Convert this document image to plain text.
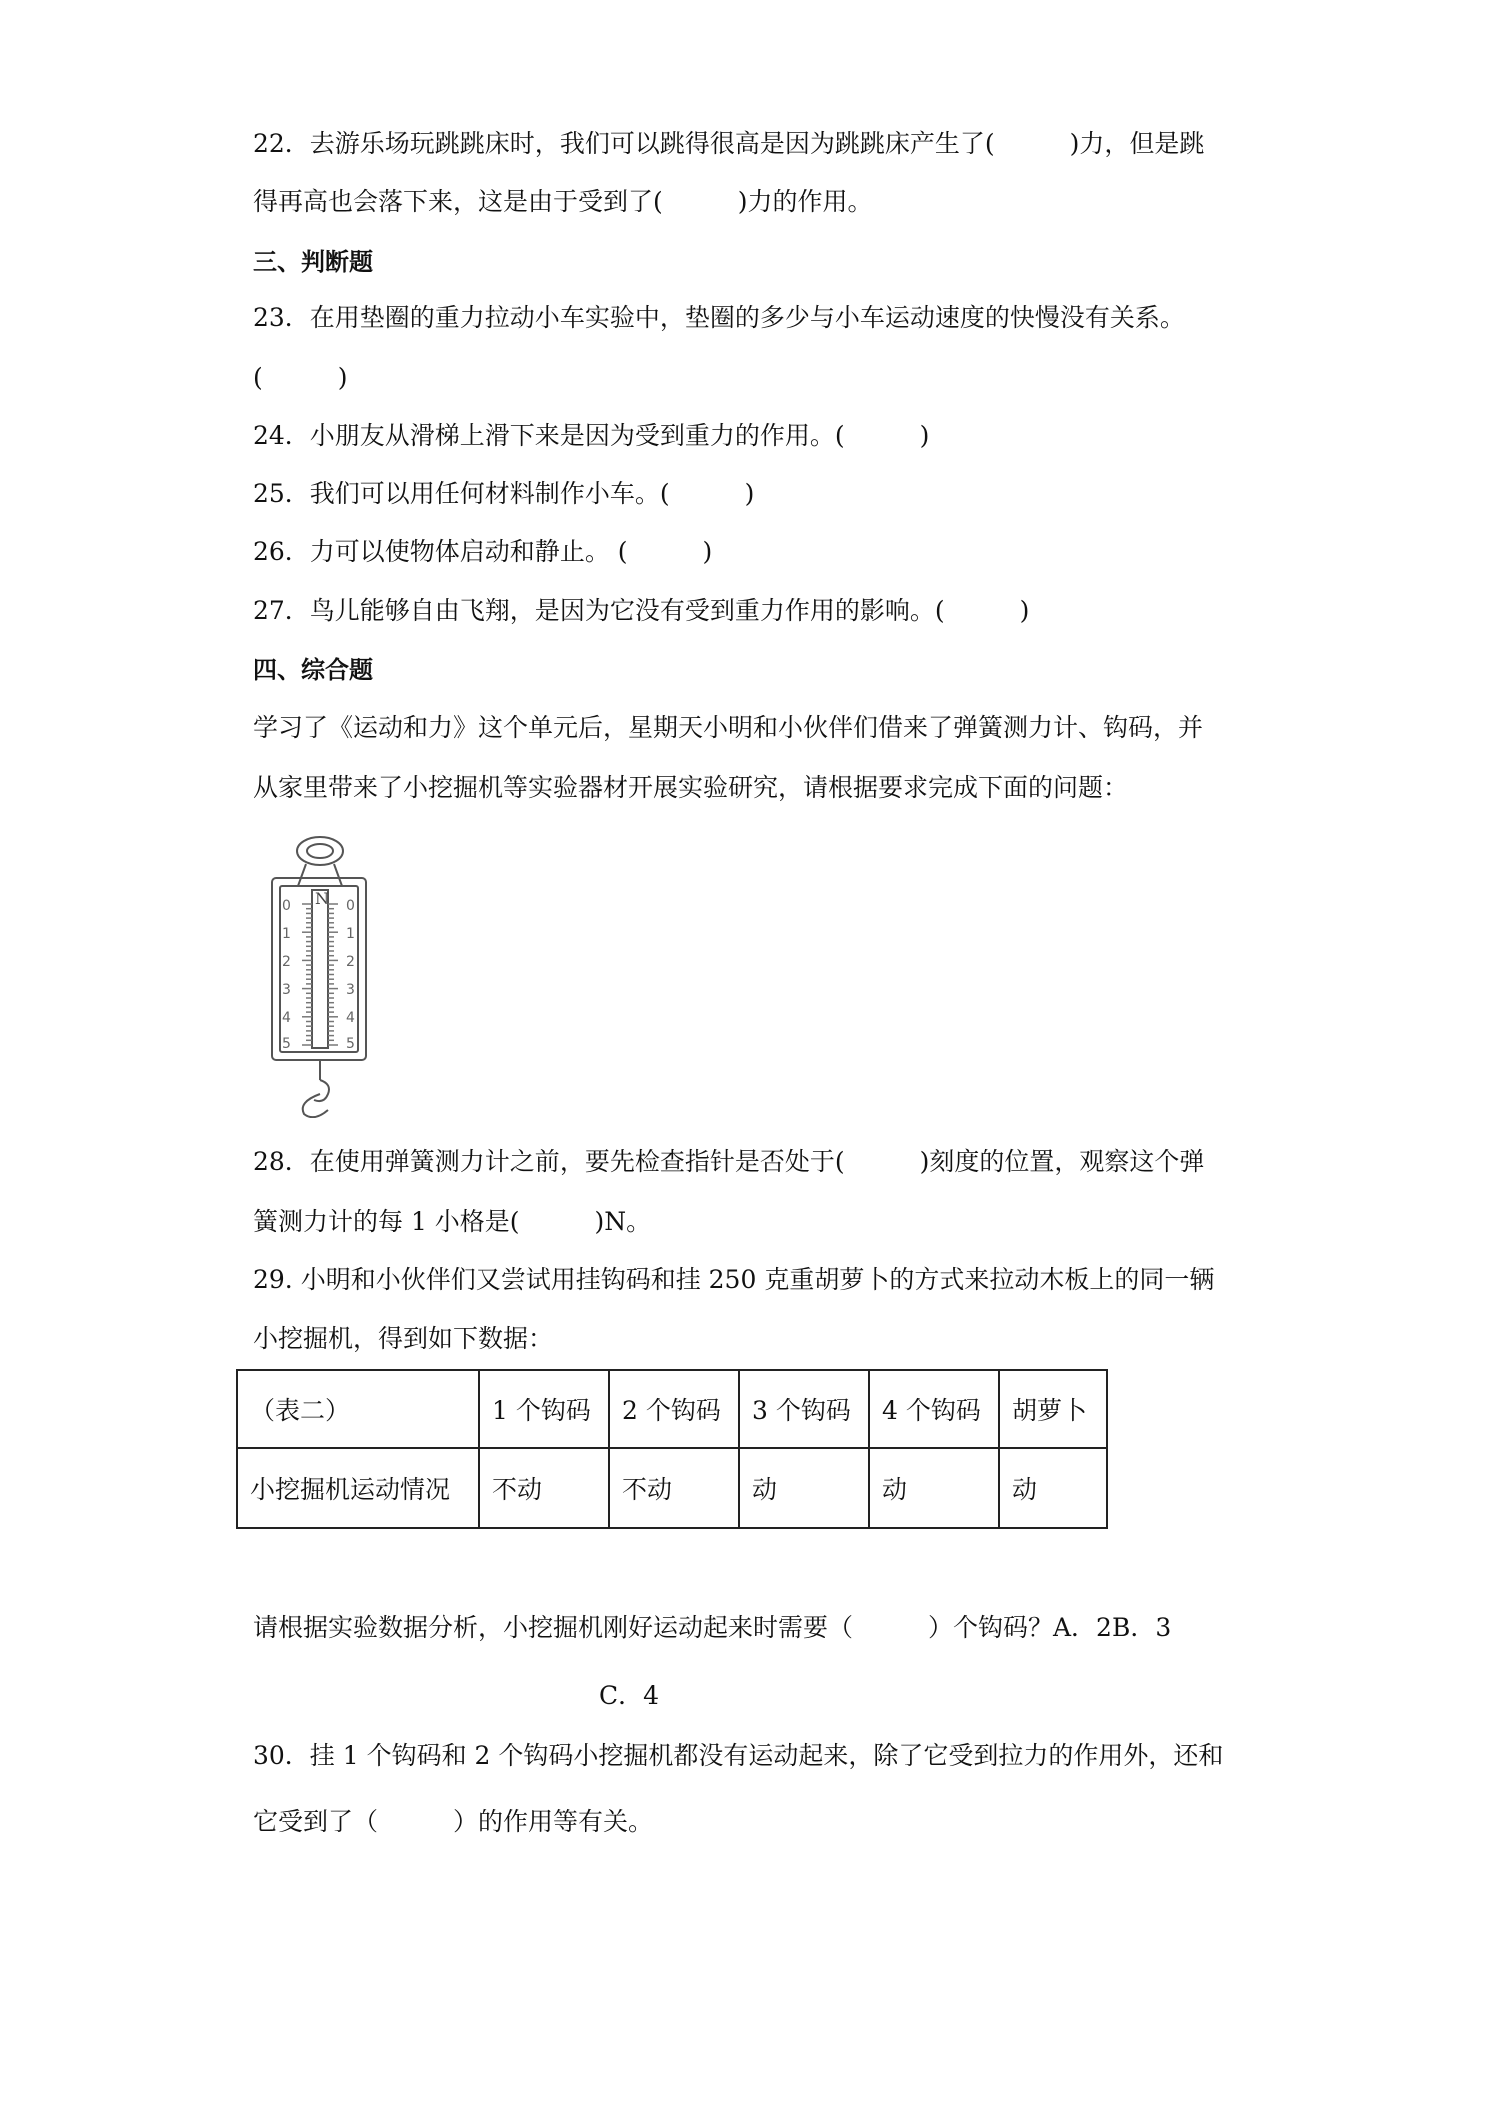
22．去游乐场玩跳跳床时，我们可以跳得很高是因为跳跳床产生了(　　　)力，但是跳
得再高也会落下来，这是由于受到了(　　　)力的作用。
三、判断题
23．在用垫圈的重力拉动小车实验中，垫圈的多少与小车运动速度的快慢没有关系。
(　　　)
24．小朋友从滑梯上滑下来是因为受到重力的作用。(　　　)
25．我们可以用任何材料制作小车。(　　　)
26．力可以使物体启动和静止。 (　　　)
27．鸟儿能够自由飞翔，是因为它没有受到重力作用的影响。(　　　)
四、综合题
学习了《运动和力》这个单元后，星期天小明和小伙伴们借来了弹簧测力计、钩码，并
从家里带来了小挖掘机等实验器材开展实验研究，请根据要求完成下面的问题：
N
0
1
2
3
4
5
0
1
2
3
4
5
28．在使用弹簧测力计之前，要先检查指针是否处于(　　　)刻度的位置，观察这个弹
簧测力计的每 1 小格是(　　　)N。
29. 小明和小伙伴们又尝试用挂钩码和挂 250 克重胡萝卜的方式来拉动木板上的同一辆
小挖掘机，得到如下数据：
（表二）	1 个钩码	2 个钩码	3 个钩码	4 个钩码	胡萝卜
小挖掘机运动情况	不动	不动	动	动	动
请根据实验数据分析，小挖掘机刚好运动起来时需要（　　　）个钩码？A．2B．3
C．4
30．挂 1 个钩码和 2 个钩码小挖掘机都没有运动起来，除了它受到拉力的作用外，还和
它受到了（　　　）的作用等有关。
